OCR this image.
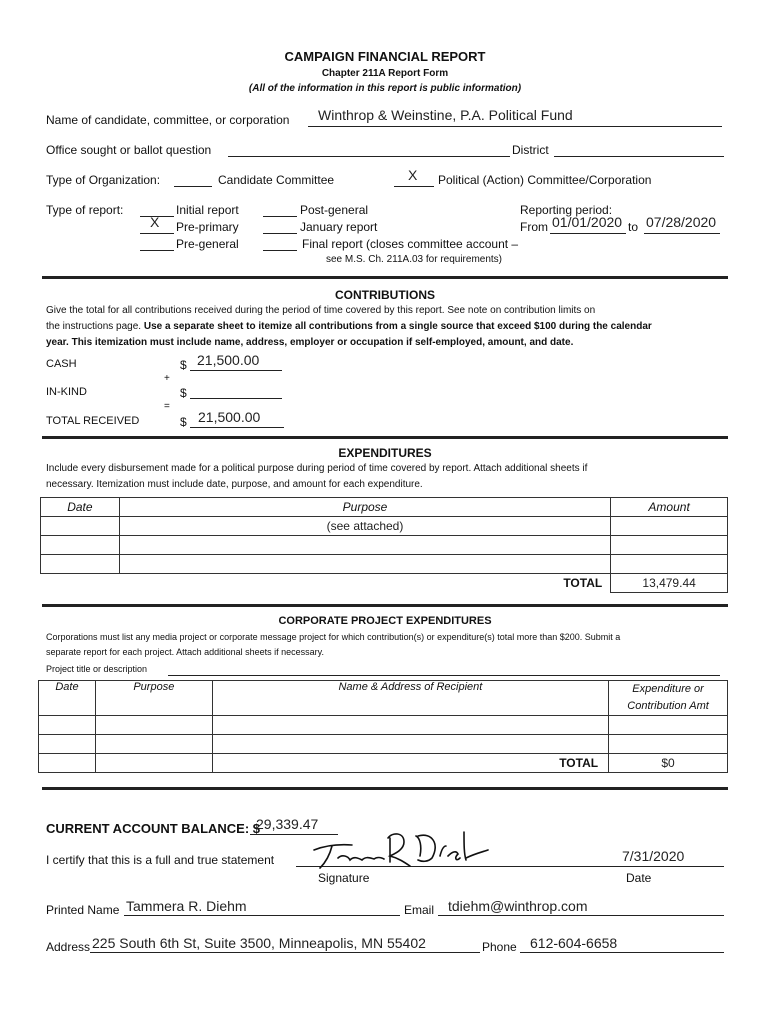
CAMPAIGN FINANCIAL REPORT
Chapter 211A Report Form
(All of the information in this report is public information)
Name of candidate, committee, or corporation Winthrop & Weinstine, P.A. Political Fund
Office sought or ballot question	District
Type of Organization:	Candidate Committee	X Political (Action) Committee/Corporation
Type of report:	Initial report
X Pre-primary
Pre-general
Post-general
January report
Final report (closes committee account –
see M.S. Ch. 211A.03 for requirements)
Reporting period:
From 01/01/2020 to 07/28/2020
CONTRIBUTIONS
Give the total for all contributions received during the period of time covered by this report. See note on contribution limits on
the instructions page. Use a separate sheet to itemize all contributions from a single source that exceed $100 during the calendar
year. This itemization must include name, address, employer or occupation if self-employed, amount, and date.
CASH	$ 21,500.00
+
IN-KIND	$
=
TOTAL RECEIVED	$ 21,500.00
EXPENDITURES
Include every disbursement made for a political purpose during period of time covered by report. Attach additional sheets if
necessary. Itemization must include date, purpose, and amount for each expenditure.
Date	Purpose	Amount
	(see attached)	

	TOTAL	13,479.44
CORPORATE PROJECT EXPENDITURES
Corporations must list any media project or corporate message project for which contribution(s) or expenditure(s) total more than $200. Submit a
separate report for each project. Attach additional sheets if necessary.
Project title or description
Date	Purpose	Name & Address of Recipient	Expenditure or
Contribution Amt

		TOTAL	$0
CURRENT ACCOUNT BALANCE: $
29,339.47
I certify that this is a full and true statement	7/31/2020
Signature	Date
Printed Name Tammera R. Diehm	Email tdiehm@winthrop.com
Address 225 South 6th St, Suite 3500, Minneapolis, MN 55402	Phone 612-604-6658
